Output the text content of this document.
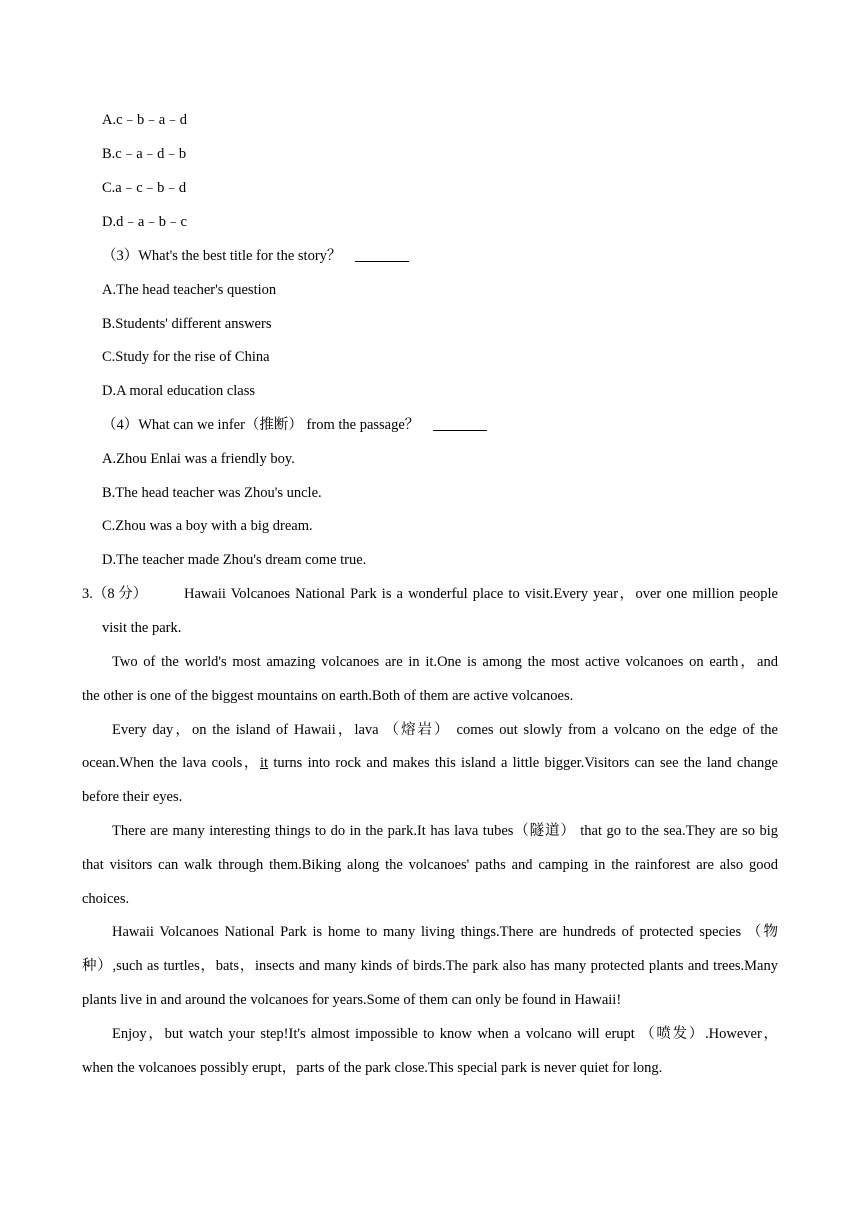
A.c﹣b﹣a﹣d
B.c﹣a﹣d﹣b
C.a﹣c﹣b﹣d
D.d﹣a﹣b﹣c
（3）What's the best title for the story？
A.The head teacher's question
B.Students' different answers
C.Study for the rise of China
D.A moral education class
（4）What can we infer（推断） from the passage？
A.Zhou Enlai was a friendly boy.
B.The head teacher was Zhou's uncle.
C.Zhou was a boy with a big dream.
D.The teacher made Zhou's dream come true.
3.（8 分）	Hawaii Volcanoes National Park is a wonderful place to visit.Every year，over one million people
visit the park.
Two of the world's most amazing volcanoes are in it.One is among the most active volcanoes on earth，and
the other is one of the biggest mountains on earth.Both of them are active volcanoes.
Every day，on the island of Hawaii，lava （熔岩） comes out slowly from a volcano on the edge of the
ocean.When the lava cools，it turns into rock and makes this island a little bigger.Visitors can see the land change
before their eyes.
There are many interesting things to do in the park.It has lava tubes（隧道） that go to the sea.They are so big
that visitors can walk through them.Biking along the volcanoes' paths and camping in the rainforest are also good
choices.
Hawaii Volcanoes National Park is home to many living things.There are hundreds of protected species （物
种）,such as turtles，bats，insects and many kinds of birds.The park also has many protected plants and trees.Many
plants live in and around the volcanoes for years.Some of them can only be found in Hawaii!
Enjoy，but watch your step!It's almost impossible to know when a volcano will erupt （喷发）.However，
when the volcanoes possibly erupt，parts of the park close.This special park is never quiet for long.
